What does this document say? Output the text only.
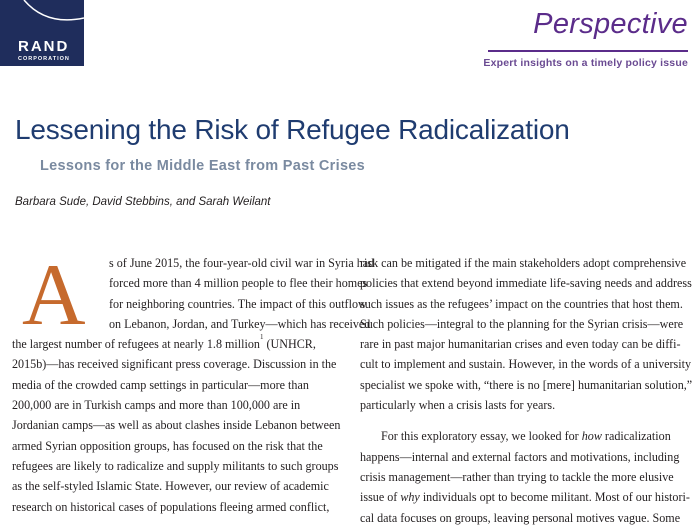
RAND
CORPORATION
Perspective
Expert insights on a timely policy issue
Lessening the Risk of Refugee Radicalization
Lessons for the Middle East from Past Crises
Barbara Sude, David Stebbins, and Sarah Weilant
A	s of June 2015, the four-year-old civil war in Syria had
forced more than 4 million people to flee their homes
for neighboring countries. The impact of this outflow
on Lebanon, Jordan, and Turkey—which has received
the largest number of refugees at nearly 1.8 million$^1$ (UNHCR,
2015b)—has received significant press coverage. Discussion in the
media of the crowded camp settings in particular—more than
200,000 are in Turkish camps and more than 100,000 are in
Jordanian camps—as well as about clashes inside Lebanon between
armed Syrian opposition groups, has focused on the risk that the
refugees are likely to radicalize and supply militants to such groups
as the self-styled Islamic State. However, our review of academic
research on historical cases of populations fleeing armed conflict,
risk can be mitigated if the main stakeholders adopt comprehensive
policies that extend beyond immediate life-saving needs and address
such issues as the refugees’ impact on the countries that host them.
Such policies—integral to the planning for the Syrian crisis—were
rare in past major humanitarian crises and even today can be diffi-
cult to implement and sustain. However, in the words of a university
specialist we spoke with, “there is no [mere] humanitarian solution,”
particularly when a crisis lasts for years.
For this exploratory essay, we looked for how radicalization
happens—internal and external factors and motivations, including
crisis management—rather than trying to tackle the more elusive
issue of why individuals opt to become militant. Most of our histori-
cal data focuses on groups, leaving personal motives vague. Some
